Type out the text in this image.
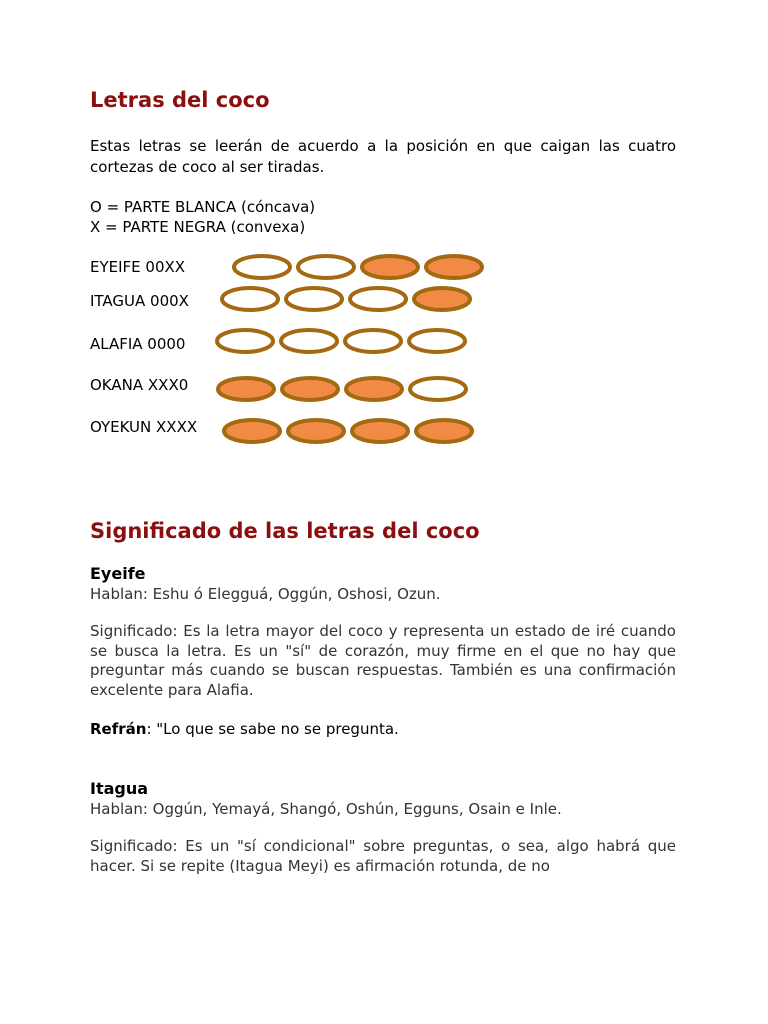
Letras del coco
Estas letras se leerán de acuerdo a la posición en que caigan las cuatro cortezas de coco al ser tiradas.
O = PARTE BLANCA (cóncava)
X = PARTE NEGRA (convexa)
EYEIFE 00XX
ITAGUA 000X
ALAFIA 0000
OKANA XXX0
OYEKUN XXXX
Significado de las letras del coco
Eyeife
Hablan: Eshu ó Elegguá, Oggún, Oshosi, Ozun.
Significado: Es la letra mayor del coco y representa un estado de iré cuando se busca la letra. Es un "sí" de corazón, muy firme en el que no hay que preguntar más cuando se buscan respuestas. También es una confirmación excelente para Alafia.
Refrán: "Lo que se sabe no se pregunta.
Itagua
Hablan: Oggún, Yemayá, Shangó, Oshún, Egguns, Osain e Inle.
Significado: Es un "sí condicional" sobre preguntas, o sea, algo habrá que hacer. Si se repite (Itagua Meyi) es afirmación rotunda, de no
